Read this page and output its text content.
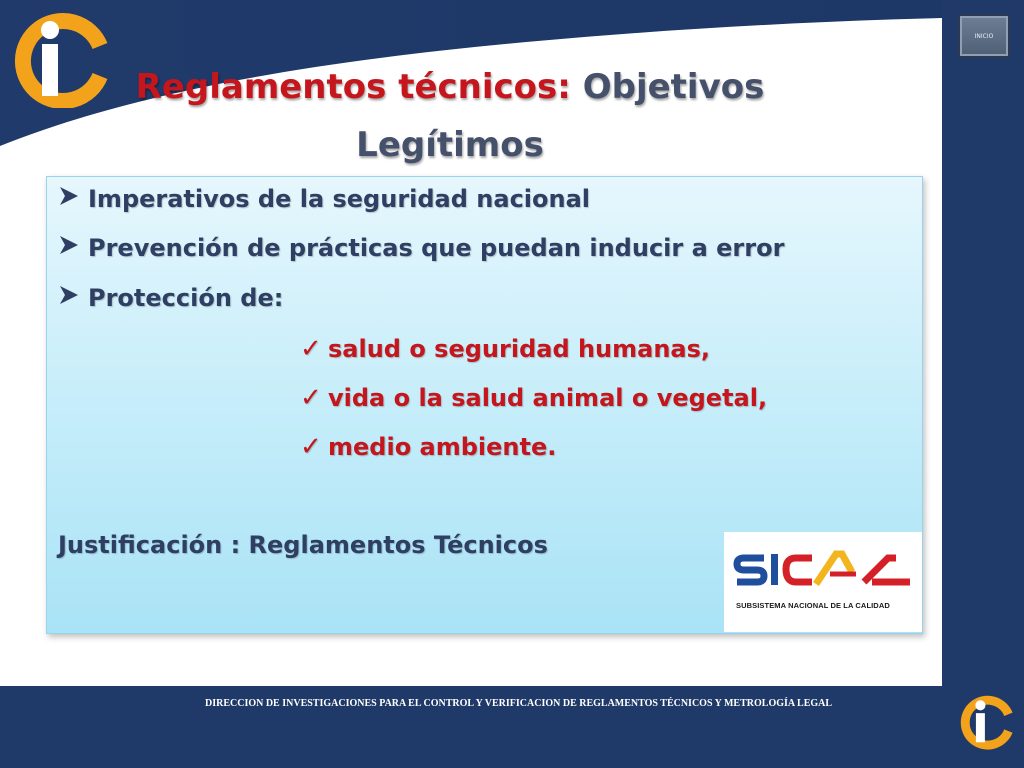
INICIO
Reglamentos técnicos: Objetivos
Legítimos
Imperativos de la seguridad nacional
Prevención de prácticas que puedan inducir a error
Protección de:
✓ salud o seguridad humanas,
✓ vida o la salud animal o vegetal,
✓ medio ambiente.
Justificación : Reglamentos Técnicos
SUBSISTEMA NACIONAL DE LA CALIDAD
DIRECCION DE INVESTIGACIONES PARA EL CONTROL Y VERIFICACION DE REGLAMENTOS TÉCNICOS Y METROLOGÍA LEGAL
